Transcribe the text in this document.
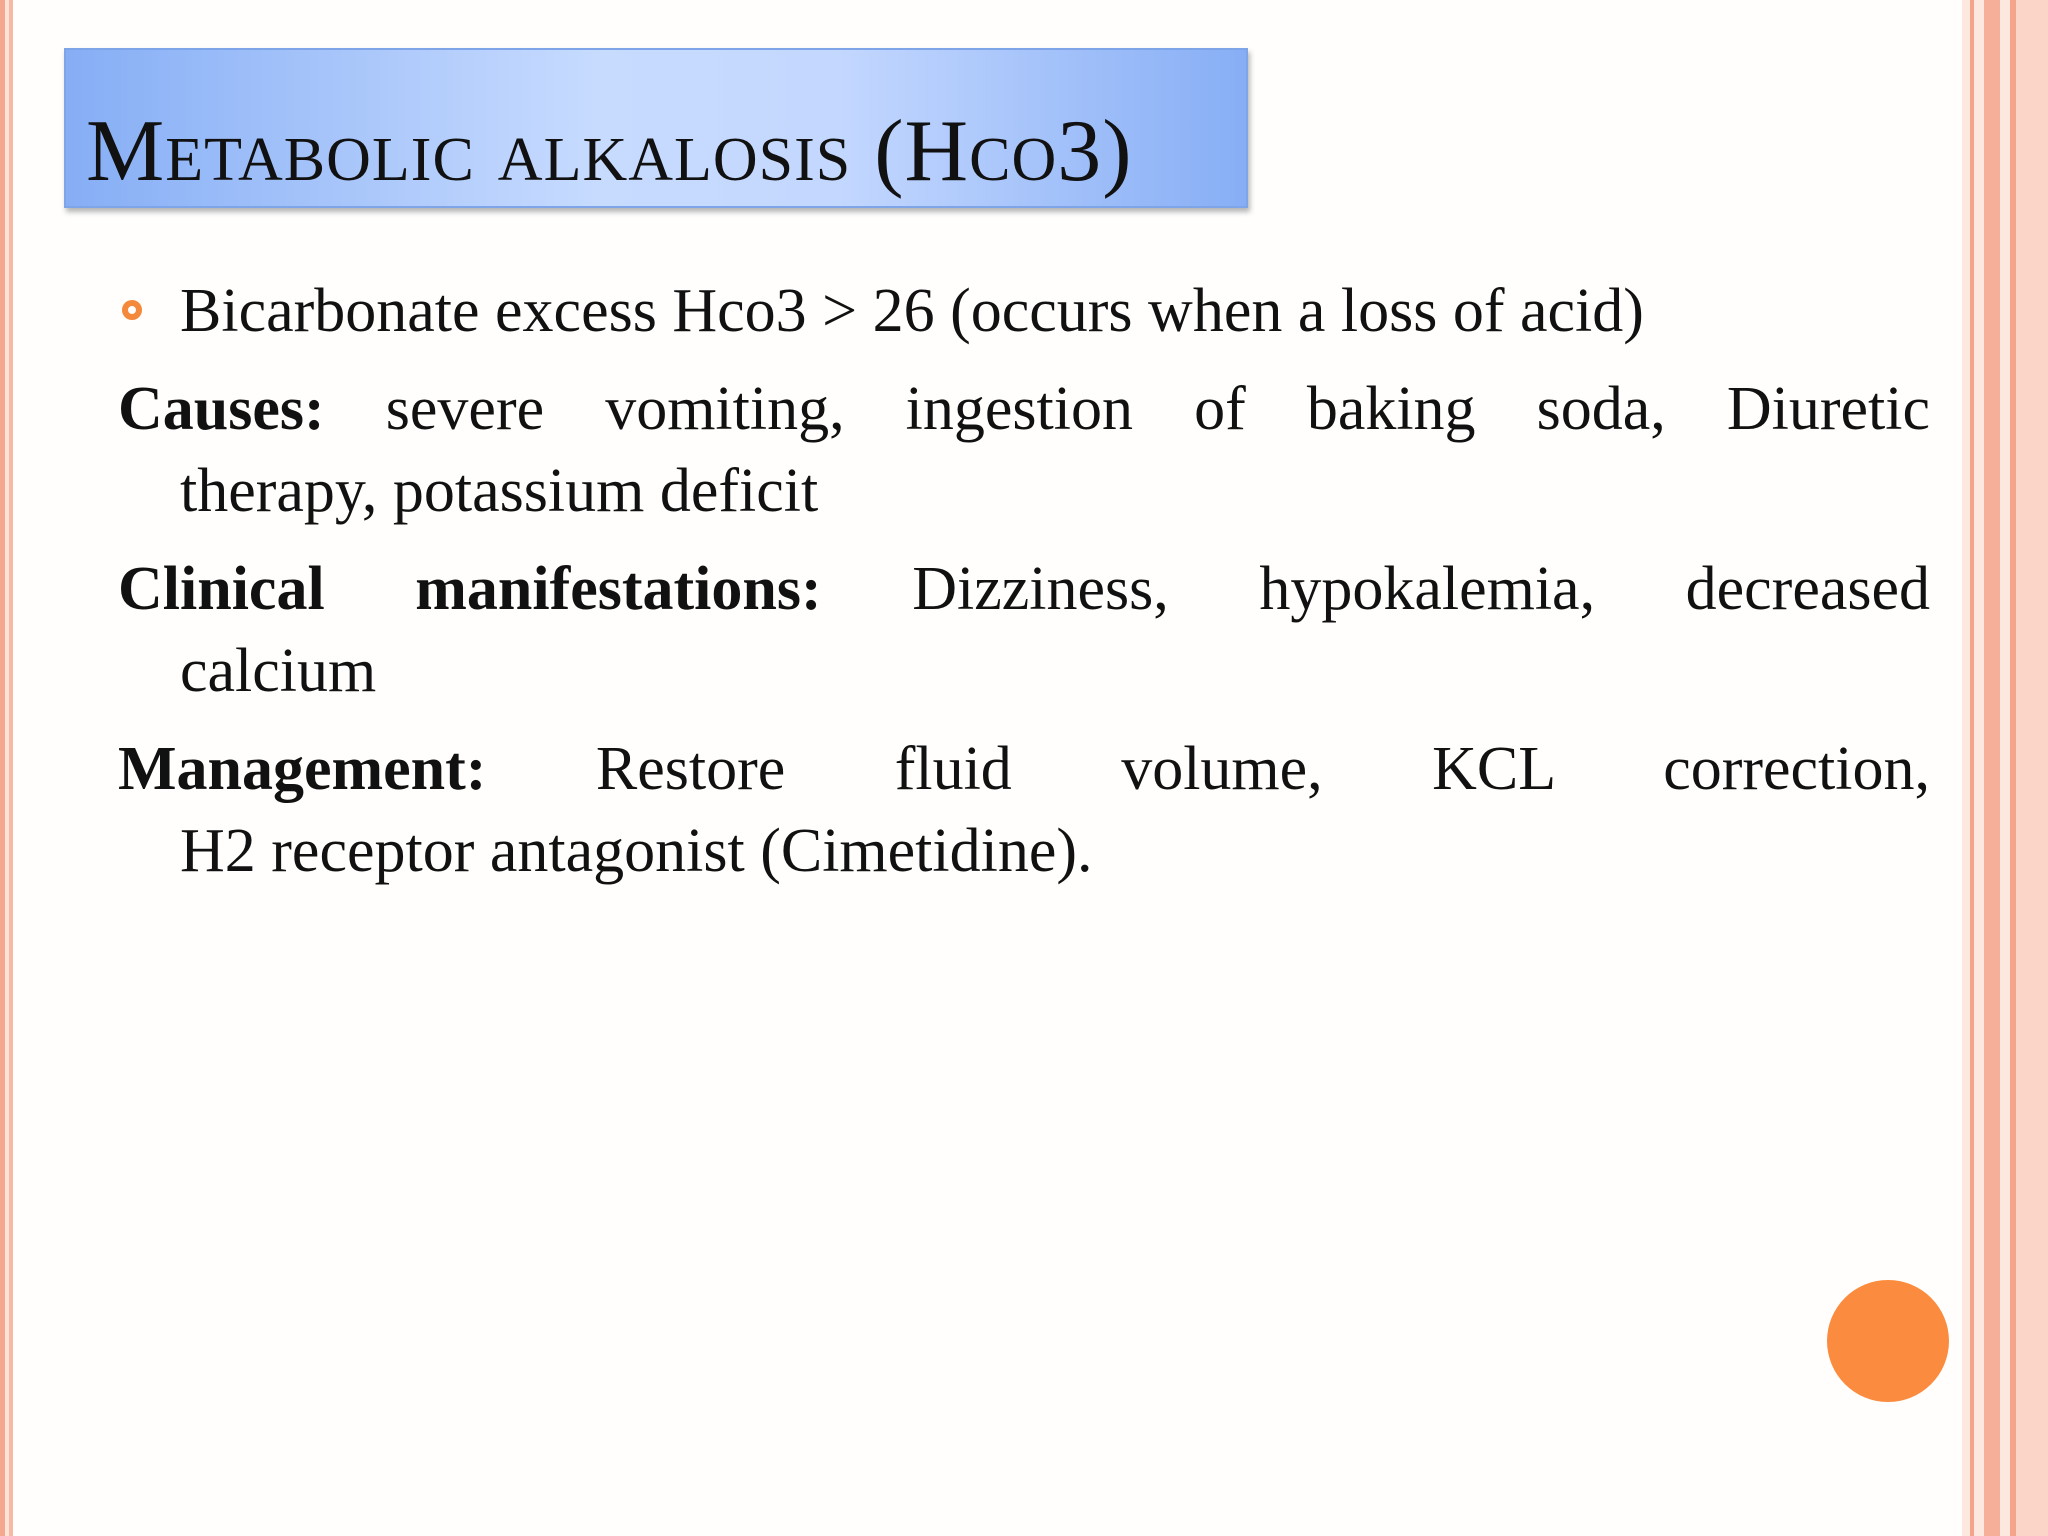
Metabolic alkalosis (Hco3)
Bicarbonate excess Hco3 > 26 (occurs when a loss of acid)
Causes: severe vomiting, ingestion of baking soda, Diuretic
therapy, potassium deficit
Clinical manifestations: Dizziness, hypokalemia, decreased
calcium
Management: Restore fluid volume, KCL correction,
H2 receptor antagonist (Cimetidine).
